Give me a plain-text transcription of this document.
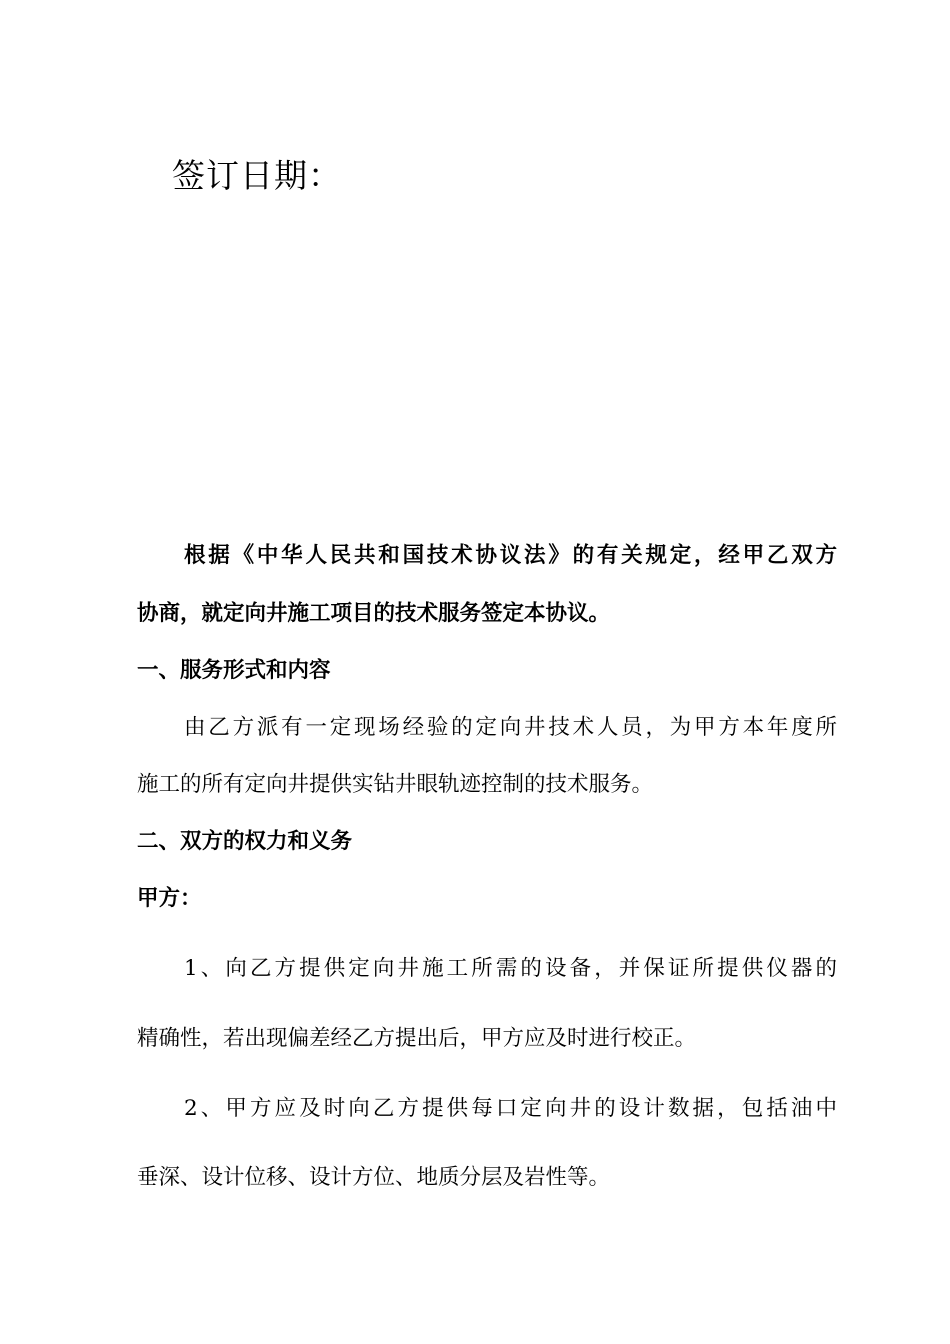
签订日期：

根据《中华人民共和国技术协议法》的有关规定，经甲乙双方

协商，就定向井施工项目的技术服务签定本协议。

一、服务形式和内容

由乙方派有一定现场经验的定向井技术人员，为甲方本年度所

施工的所有定向井提供实钻井眼轨迹控制的技术服务。

二、双方的权力和义务

甲方：

1、向乙方提供定向井施工所需的设备，并保证所提供仪器的

精确性，若出现偏差经乙方提出后，甲方应及时进行校正。

2、甲方应及时向乙方提供每口定向井的设计数据，包括油中

垂深、设计位移、设计方位、地质分层及岩性等。
